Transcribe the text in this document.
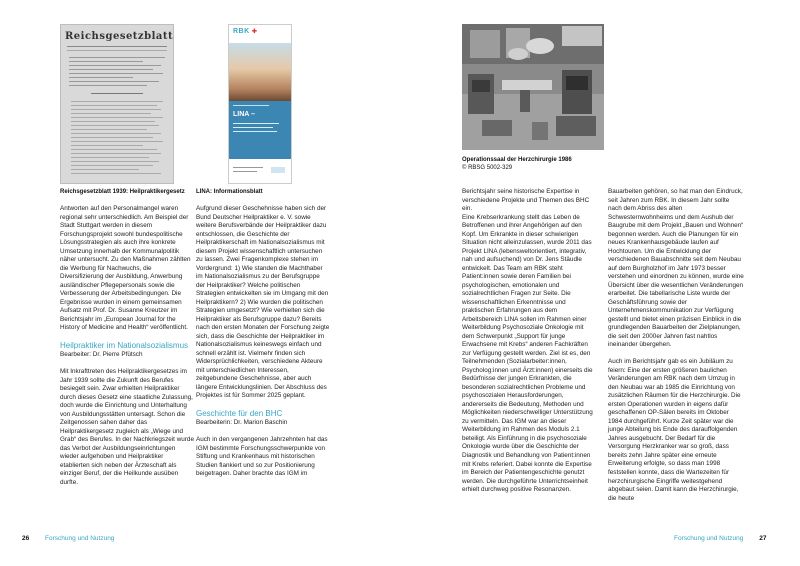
Reichsgesetzblatt
Reichsgesetzblatt 1939: Heilpraktikergesetz
RBK ✚
LINA –
LINA: Informationsblatt
Operationssaal der Herzchirurgie 1986
© RBSG 5002-329

Antworten auf den Personalmangel waren regional sehr unterschiedlich. Am Beispiel der Stadt Stuttgart werden in diesem Forschungsprojekt sowohl bundespolitische Lösungsstrategien als auch ihre konkrete Umsetzung innerhalb der Kommunalpolitik näher untersucht. Zu den Maßnahmen zählten die Werbung für Nachwuchs, die Diversifizierung der Ausbildung, Anwerbung ausländischer Pflegepersonals sowie die Verbesserung der Arbeitsbedingungen. Die Ergebnisse wurden in einem gemeinsamen Aufsatz mit Prof. Dr. Susanne Kreutzer im Berichtsjahr im „European Journal for the History of Medicine and Health“ veröffentlicht.

Heilpraktiker im Nationalsozialismus

Bearbeiter: Dr. Pierre Pfütsch

Mit Inkrafttreten des Heilpraktikergesetzes im Jahr 1939 sollte die Zukunft des Berufes besiegelt sein. Zwar erhielten Heilpraktiker durch dieses Gesetz eine staatliche Zulassung, doch wurde die Einrichtung und Unterhaltung von Ausbildungsstätten untersagt. Schon die Zeitgenossen sahen daher das Heilpraktikergesetz zugleich als „Wiege und Grab“ des Berufes. In der Nachkriegszeit wurde das Verbot der Ausbildungseinrichtungen wieder aufgehoben und Heilpraktiker etablierten sich neben der Ärzteschaft als einziger Beruf, der die Heilkunde ausüben durfte.

Aufgrund dieser Geschehnisse haben sich der Bund Deutscher Heilpraktiker e. V. sowie weitere Berufsverbände der Heilpraktiker dazu entschlossen, die Geschichte der Heilpraktikerschaft im Nationalsozialismus mit diesem Projekt wissenschaftlich untersuchen zu lassen. Zwei Fragenkomplexe stehen im Vordergrund: 1) Wie standen die Machthaber im Nationalsozialismus zu der Berufsgruppe der Heilpraktiker? Welche politischen Strategien entwickelten sie im Umgang mit den Heilpraktikern? 2) Wie wurden die politischen Strategien umgesetzt? Wie verhielten sich die Heilpraktiker als Berufsgruppe dazu? Bereits nach den ersten Monaten der Forschung zeigte sich, dass die Geschichte der Heilpraktiker im Nationalsozialismus keineswegs einfach und schnell erzählt ist. Vielmehr finden sich Widersprüchlichkeiten, verschiedene Akteure mit unterschiedlichen Interessen, zeitgebundene Geschehnisse, aber auch längere Entwicklungslinien. Der Abschluss des Projektes ist für Sommer 2025 geplant.

Geschichte für den BHC

Bearbeiterin: Dr. Marion Baschin

Auch in den vergangenen Jahrzehnten hat das IGM bestimmte Forschungsschwerpunkte von Stiftung und Krankenhaus mit historischen Studien flankiert und so zur Positionierung beigetragen. Daher brachte das IGM im

Berichtsjahr seine historische Expertise in verschiedene Projekte und Themen des BHC ein.

Eine Krebserkrankung stellt das Leben de Betroffenen und ihrer Angehörigen auf den Kopf. Um Erkrankte in dieser schwierigen Situation nicht alleinzulassen, wurde 2011 das Projekt LINA (lebensweltorientiert, integrativ, nah und aufsuchend) von Dr. Jens Stäudle entwickelt. Das Team am RBK steht Patient:innen sowie deren Familien bei psychologischen, emotionalen und sozialrechtlichen Fragen zur Seite. Die wissenschaftlichen Erkenntnisse und praktischen Erfahrungen aus dem Arbeitsbereich LINA sollen im Rahmen einer Weiterbildung Psychosoziale Onkologie mit dem Schwerpunkt „Support für junge Erwachsene mit Krebs“ anderen Fachkräften zur Verfügung gestellt werden. Ziel ist es, den Teilnehmenden (Sozialarbeiter:innen, Psycholog:innen und Ärzt:innen) einerseits die Bedürfnisse der jungen Erkrankten, die besonderen sozialrechtlichen Probleme und psychosozialen Herausforderungen, andererseits die Bedeutung, Methoden und Möglichkeiten niederschwelliger Unterstützung zu vermitteln. Das IGM war an dieser Weiterbildung im Rahmen des Moduls 2.1 beteiligt. Als Einführung in die psychosoziale Onkologie wurde über die Geschichte der Diagnostik und Behandlung von Patient:innen mit Krebs referiert. Dabei konnte die Expertise im Bereich der Patientengeschichte genutzt werden. Die durchgeführte Unterrichtseinheit erhielt durchweg positive Resonanzen.

Bauarbeiten gehören, so hat man den Eindruck, seit Jahren zum RBK. In diesem Jahr sollte nach dem Abriss des alten Schwesternwohnheims und dem Aushub der Baugrube mit dem Projekt „Bauen und Wohnen“ begonnen werden. Auch die Planungen für ein neues Krankenhausgebäude laufen auf Hochtouren. Um die Entwicklung der verschiedenen Bauabschnitte seit dem Neubau auf dem Burgholzhof im Jahr 1973 besser verstehen und einordnen zu können, wurde eine Übersicht über die wesentlichen Veränderungen erarbeitet. Die tabellarische Liste wurde der Geschäftsführung sowie der Unternehmenskommunikation zur Verfügung gestellt und bietet einen präzisen Einblick in die grundlegenden Bauarbeiten der Zielplanungen, die seit den 2000er Jahren fast nahtlos ineinander übergehen.

Auch im Berichtsjahr gab es ein Jubiläum zu feiern: Eine der ersten größeren baulichen Veränderungen am RBK nach dem Umzug in den Neubau war ab 1985 die Einrichtung von zusätzlichen Räumen für die Herzchirurgie. Die ersten Operationen wurden in eigens dafür geschaffenen OP-Sälen bereits im Oktober 1984 durchgeführt. Kurze Zeit später war die junge Abteilung bis Ende des darauffolgenden Jahres ausgebucht. Der Bedarf für die Versorgung Herzkranker war so groß, dass bereits zehn Jahre später eine erneute Erweiterung erfolgte, so dass man 1998 feststellen konnte, dass die Wartezeiten für herzchirurgische Eingriffe weitestgehend abgebaut seien. Damit kann die Herzchirurgie, die heute

26 Forschung und Nutzung	Forschung und Nutzung 27
